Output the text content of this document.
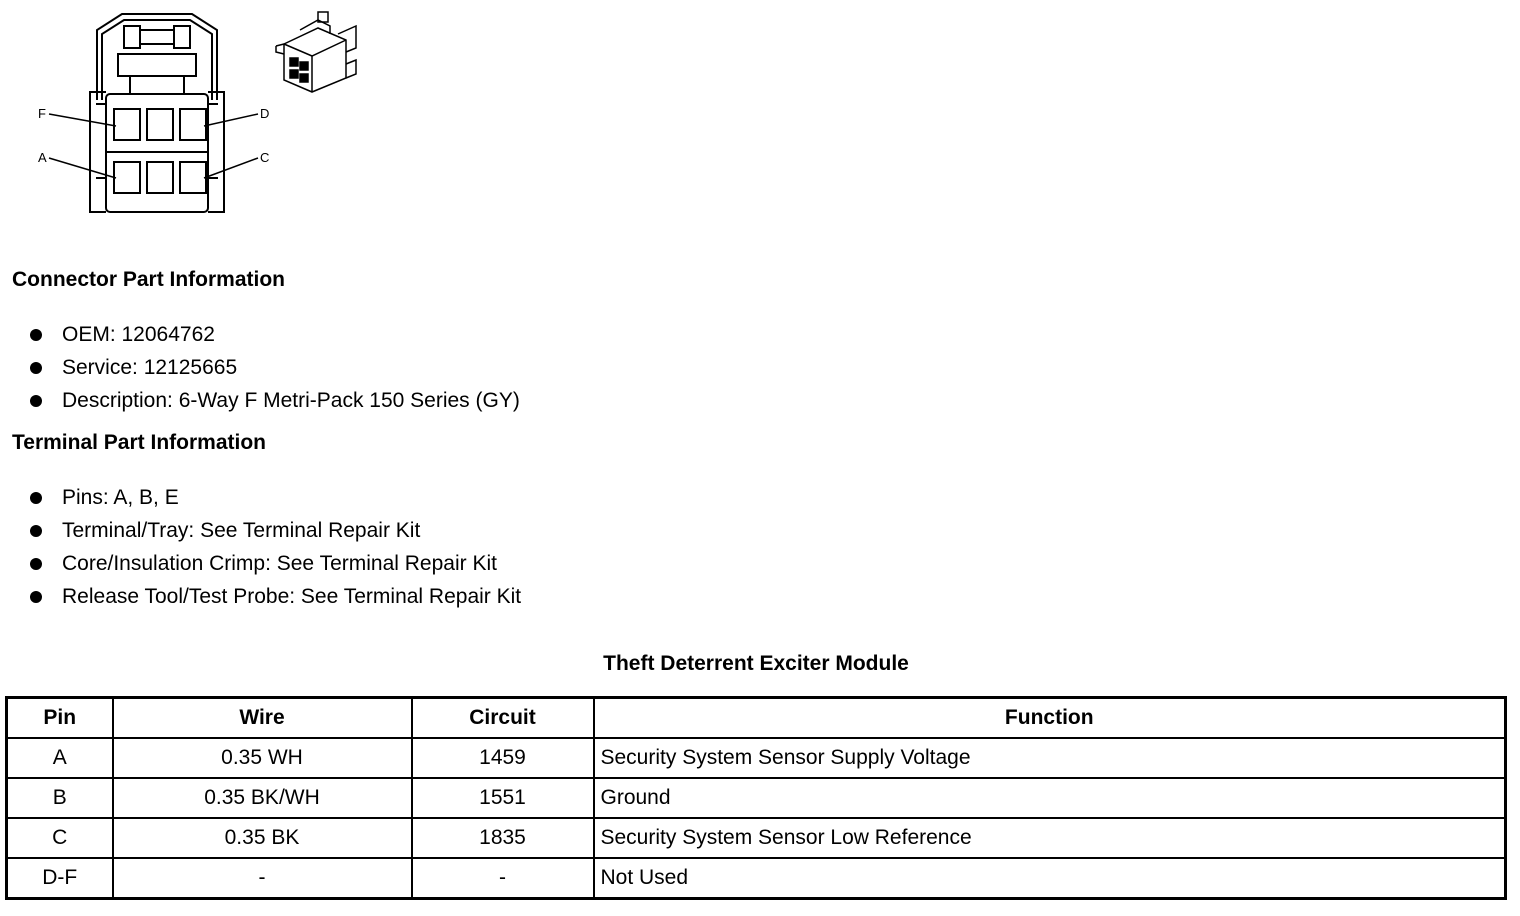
F	D
A	C
Connector Part Information
OEM: 12064762
Service: 12125665
Description: 6-Way F Metri-Pack 150 Series (GY)
Terminal Part Information
Pins: A, B, E
Terminal/Tray: See Terminal Repair Kit
Core/Insulation Crimp: See Terminal Repair Kit
Release Tool/Test Probe: See Terminal Repair Kit
Theft Deterrent Exciter Module
Pin	Wire	Circuit	Function
A	0.35 WH	1459	Security System Sensor Supply Voltage
B	0.35 BK/WH	1551	Ground
C	0.35 BK	1835	Security System Sensor Low Reference
D-F	-	-	Not Used
